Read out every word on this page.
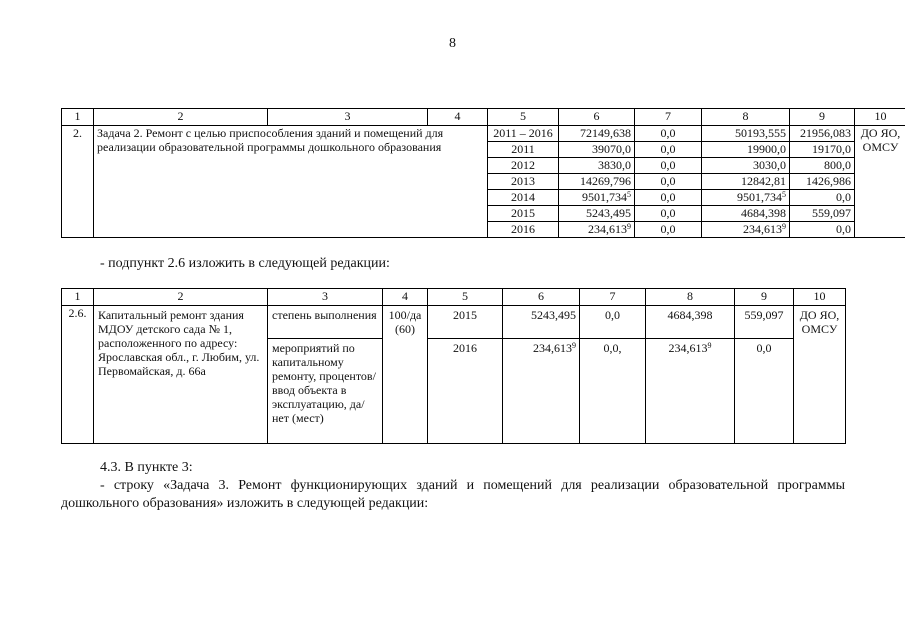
8
1	2	3	4	5	6	7	8	9	10
2.	Задача 2. Ремонт с целью приспособления зданий и помещений для реализации образовательной программы дошкольного образования			2011 – 2016	72149,638	0,0	50193,555	21956,083	ДО ЯО, ОМСУ
				2011	39070,0	0,0	19900,0	19170,0	
				2012	3830,0	0,0	3030,0	800,0	
				2013	14269,796	0,0	12842,81	1426,986	
				2014	9501,734$^5$	0,0	9501,734$^5$	0,0	
				2015	5243,495	0,0	4684,398	559,097	
				2016	234,613$^9$	0,0	234,613$^9$	0,0	
- подпункт 2.6 изложить в следующей редакции:
1	2	3	4	5	6	7	8	9	10
2.6.	Капитальный ремонт здания МДОУ детского сада № 1, расположенного по адресу: Ярославская обл., г. Любим, ул. Первомайская, д. 66а	степень выполнения	100/да (60)	2015	5243,495	0,0	4684,398	559,097	ДО ЯО, ОМСУ
		мероприятий по капитальному ремонту, процентов/ ввод объекта в эксплуатацию, да/нет (мест)		2016	234,613$^9$	0,0,	234,613$^9$	0,0	
4.3. В пункте 3:
- строку «Задача 3. Ремонт функционирующих зданий и помещений для реализации образовательной программы дошкольного образования» изложить в следующей редакции:
